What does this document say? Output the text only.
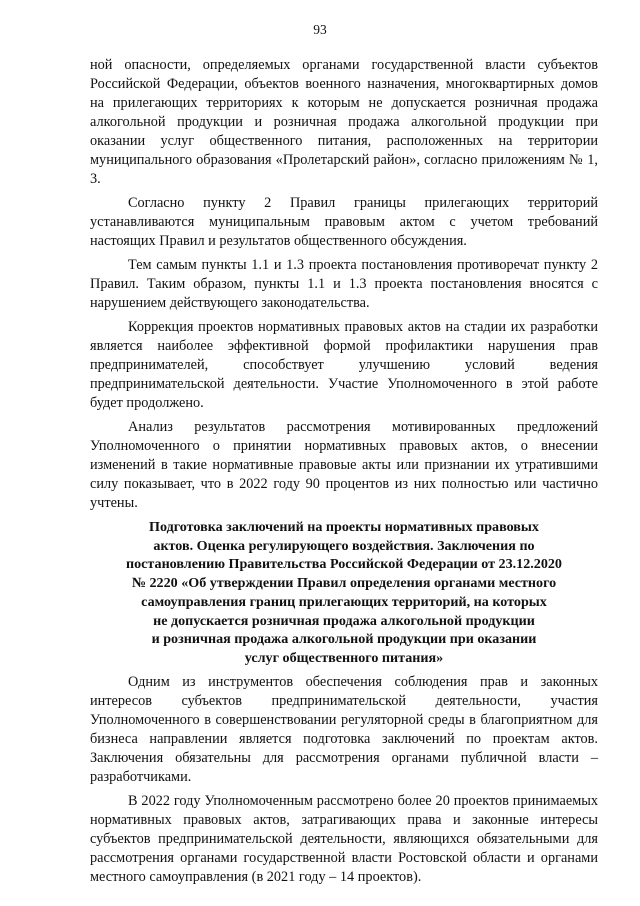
93

ной опасности, определяемых органами государственной власти субъектов Российской Федерации, объектов военного назначения, многоквартирных домов на прилегающих территориях к которым не допускается розничная продажа алкогольной продукции и розничная продажа алкогольной продукции при оказании услуг общественного питания, расположенных на территории муниципального образования «Пролетарский район», согласно приложениям № 1, 3.

Согласно пункту 2 Правил границы прилегающих территорий устанавливаются муниципальным правовым актом с учетом требований настоящих Правил и результатов общественного обсуждения.

Тем самым пункты 1.1 и 1.3 проекта постановления противоречат пункту 2 Правил. Таким образом, пункты 1.1 и 1.3 проекта постановления вносятся с нарушением действующего законодательства.

Коррекция проектов нормативных правовых актов на стадии их разработки является наиболее эффективной формой профилактики нарушения прав предпринимателей, способствует улучшению условий ведения предпринимательской деятельности. Участие Уполномоченного в этой работе будет продолжено.

Анализ результатов рассмотрения мотивированных предложений Уполномоченного о принятии нормативных правовых актов, о внесении изменений в такие нормативные правовые акты или признании их утратившими силу показывает, что в 2022 году 90 процентов из них полностью или частично учтены.

Подготовка заключений на проекты нормативных правовых
актов. Оценка регулирующего воздействия. Заключения по
постановлению Правительства Российской Федерации от 23.12.2020
№ 2220 «Об утверждении Правил определения органами местного
самоуправления границ прилегающих территорий, на которых
не допускается розничная продажа алкогольной продукции
и розничная продажа алкогольной продукции при оказании
услуг общественного питания»

Одним из инструментов обеспечения соблюдения прав и законных интересов субъектов предпринимательской деятельности, участия Уполномоченного в совершенствовании регуляторной среды в благоприятном для бизнеса направлении является подготовка заключений по проектам актов. Заключения обязательны для рассмотрения органами публичной власти – разработчиками.

В 2022 году Уполномоченным рассмотрено более 20 проектов принимаемых нормативных правовых актов, затрагивающих права и законные интересы субъектов предпринимательской деятельности, являющихся обязательными для рассмотрения органами государственной власти Ростовской области и органами местного самоуправления (в 2021 году – 14 проектов).
